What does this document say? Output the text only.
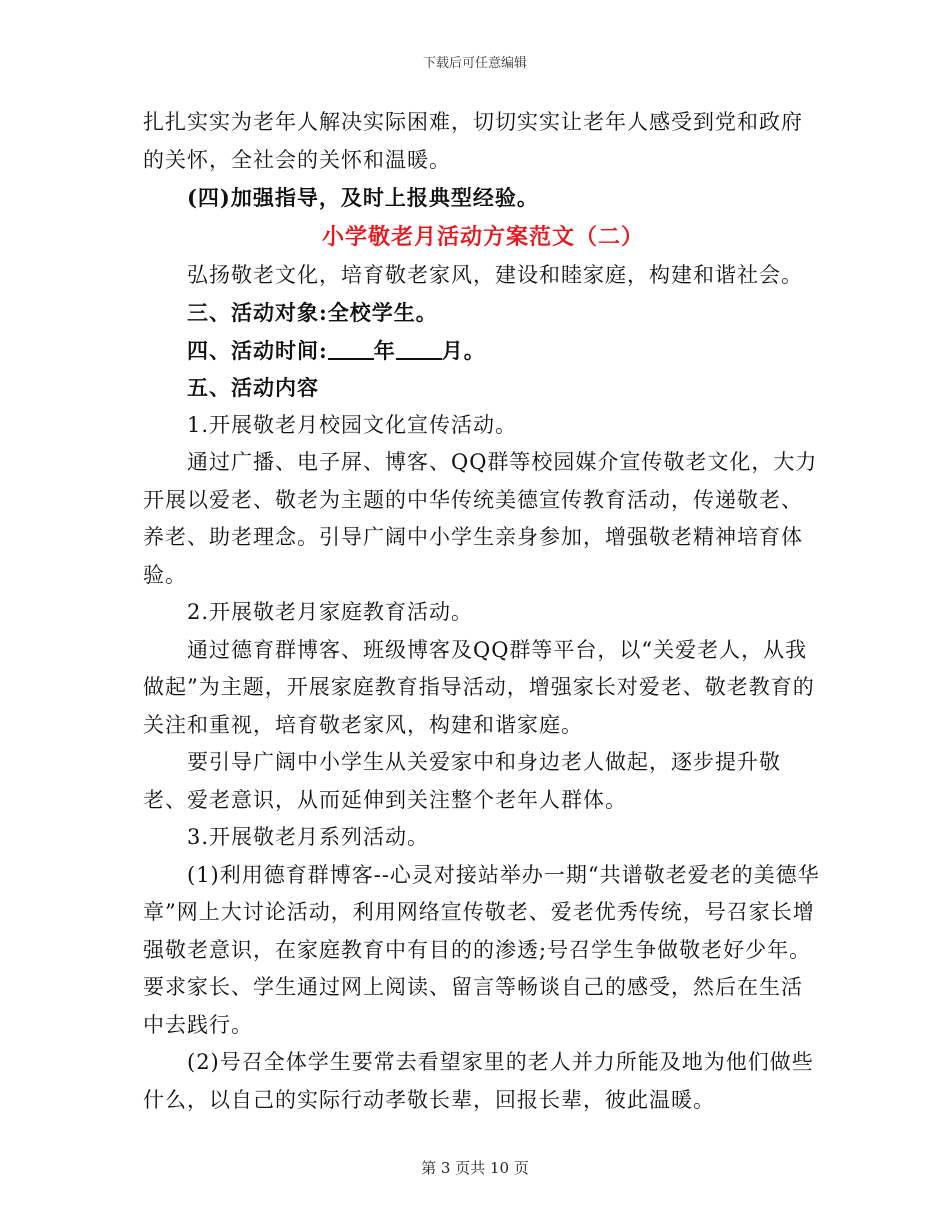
下载后可任意编辑

扎扎实实为老年人解决实际困难，切切实实让老年人感受到党和政府的关怀，全社会的关怀和温暖。

(四)加强指导，及时上报典型经验。

小学敬老月活动方案范文（二）

弘扬敬老文化，培育敬老家风，建设和睦家庭，构建和谐社会。

三、活动对象:全校学生。

四、活动时间: 年 月。

五、活动内容

1.开展敬老月校园文化宣传活动。

通过广播、电子屏、博客、QQ群等校园媒介宣传敬老文化，大力开展以爱老、敬老为主题的中华传统美德宣传教育活动，传递敬老、养老、助老理念。引导广阔中小学生亲身参加，增强敬老精神培育体验。

2.开展敬老月家庭教育活动。

通过德育群博客、班级博客及QQ群等平台，以“关爱老人，从我做起”为主题，开展家庭教育指导活动，增强家长对爱老、敬老教育的关注和重视，培育敬老家风，构建和谐家庭。

要引导广阔中小学生从关爱家中和身边老人做起，逐步提升敬老、爱老意识，从而延伸到关注整个老年人群体。

3.开展敬老月系列活动。

(1)利用德育群博客--心灵对接站举办一期“共谱敬老爱老的美德华章”网上大讨论活动，利用网络宣传敬老、爱老优秀传统，号召家长增强敬老意识，在家庭教育中有目的的渗透;号召学生争做敬老好少年。要求家长、学生通过网上阅读、留言等畅谈自己的感受，然后在生活中去践行。

(2)号召全体学生要常去看望家里的老人并力所能及地为他们做些什么，以自己的实际行动孝敬长辈，回报长辈，彼此温暖。

第 3 页共 10 页
